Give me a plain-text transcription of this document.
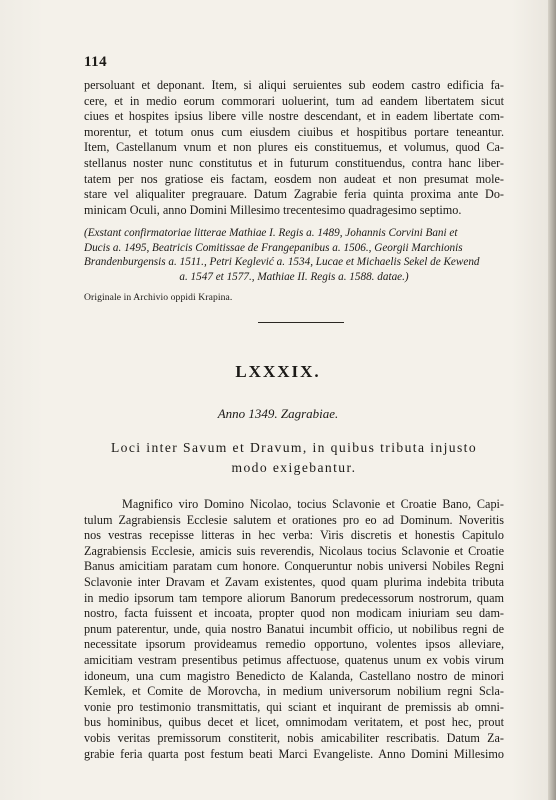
114
persoluant et deponant. Item, si aliqui seruientes sub eodem castro edificia fa-
cere, et in medio eorum commorari uoluerint, tum ad eandem libertatem sicut
ciues et hospites ipsius libere ville nostre descendant, et in eadem libertate com-
morentur, et totum onus cum eiusdem ciuibus et hospitibus portare teneantur.
Item, Castellanum vnum et non plures eis constituemus, et volumus, quod Ca-
stellanus noster nunc constitutus et in futurum constituendus, contra hanc liber-
tatem per nos gratiose eis factam, eosdem non audeat et non presumat mole-
stare vel aliqualiter pregrauare. Datum Zagrabie feria quinta proxima ante Do-
minicam Oculi, anno Domini Millesimo trecentesimo quadragesimo septimo.
(Exstant confirmatoriae litterae Mathiae I. Regis a. 1489, Johannis Corvini Bani et
Ducis a. 1495, Beatricis Comitissae de Frangepanibus a. 1506., Georgii Marchionis
Brandenburgensis a. 1511., Petri Keglević a. 1534, Lucae et Michaelis Sekel de Kewend
a. 1547 et 1577., Mathiae II. Regis a. 1588. datae.)
Originale in Archivio oppidi Krapina.
LXXXIX.
Anno 1349. Zagrabiae.
Loci inter Savum et Dravum, in quibus tributa injusto
modo exigebantur.
Magnifico viro Domino Nicolao, tocius Sclavonie et Croatie Bano, Capi-
tulum Zagrabiensis Ecclesie salutem et orationes pro eo ad Dominum. Noveritis
nos vestras recepisse litteras in hec verba: Viris discretis et honestis Capitulo
Zagrabiensis Ecclesie, amicis suis reverendis, Nicolaus tocius Sclavonie et Croatie
Banus amicitiam paratam cum honore. Conqueruntur nobis universi Nobiles Regni
Sclavonie inter Dravam et Zavam existentes, quod quam plurima indebita tributa
in medio ipsorum tam tempore aliorum Banorum predecessorum nostrorum, quam
nostro, facta fuissent et incoata, propter quod non modicam iniuriam seu dam-
pnum paterentur, unde, quia nostro Banatui incumbit officio, ut nobilibus regni de
necessitate ipsorum provideamus remedio opportuno, volentes ipsos alleviare,
amicitiam vestram presentibus petimus affectuose, quatenus unum ex vobis virum
idoneum, una cum magistro Benedicto de Kalanda, Castellano nostro de minori
Kemlek, et Comite de Morovcha, in medium universorum nobilium regni Scla-
vonie pro testimonio transmittatis, qui sciant et inquirant de premissis ab omni-
bus hominibus, quibus decet et licet, omnimodam veritatem, et post hec, prout
vobis veritas premissorum constiterit, nobis amicabiliter rescribatis. Datum Za-
grabie feria quarta post festum beati Marci Evangeliste. Anno Domini Millesimo
